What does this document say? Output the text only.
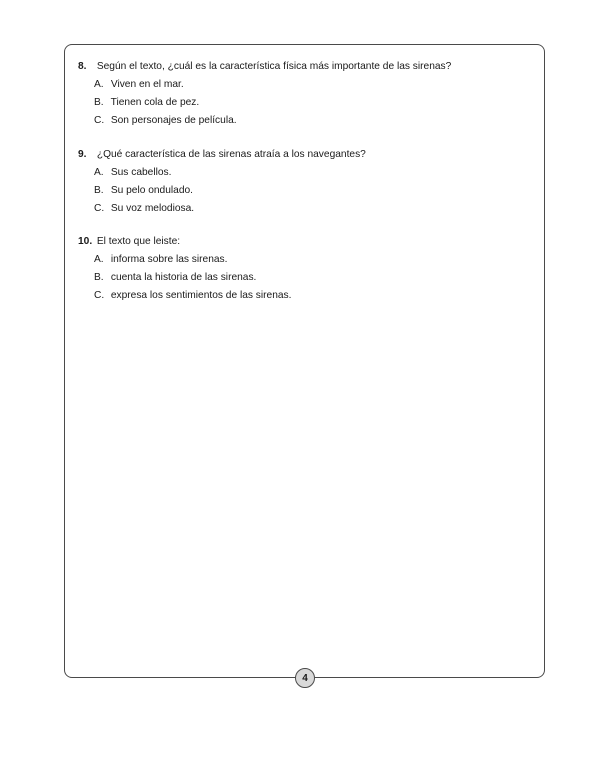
8. Según el texto, ¿cuál es la característica física más importante de las sirenas?
A. Viven en el mar.
B. Tienen cola de pez.
C. Son personajes de película.
9. ¿Qué característica de las sirenas atraía a los navegantes?
A. Sus cabellos.
B. Su pelo ondulado.
C. Su voz melodiosa.
10. El texto que leiste:
A. informa sobre las sirenas.
B. cuenta la historia de las sirenas.
C. expresa los sentimientos de las sirenas.
4
